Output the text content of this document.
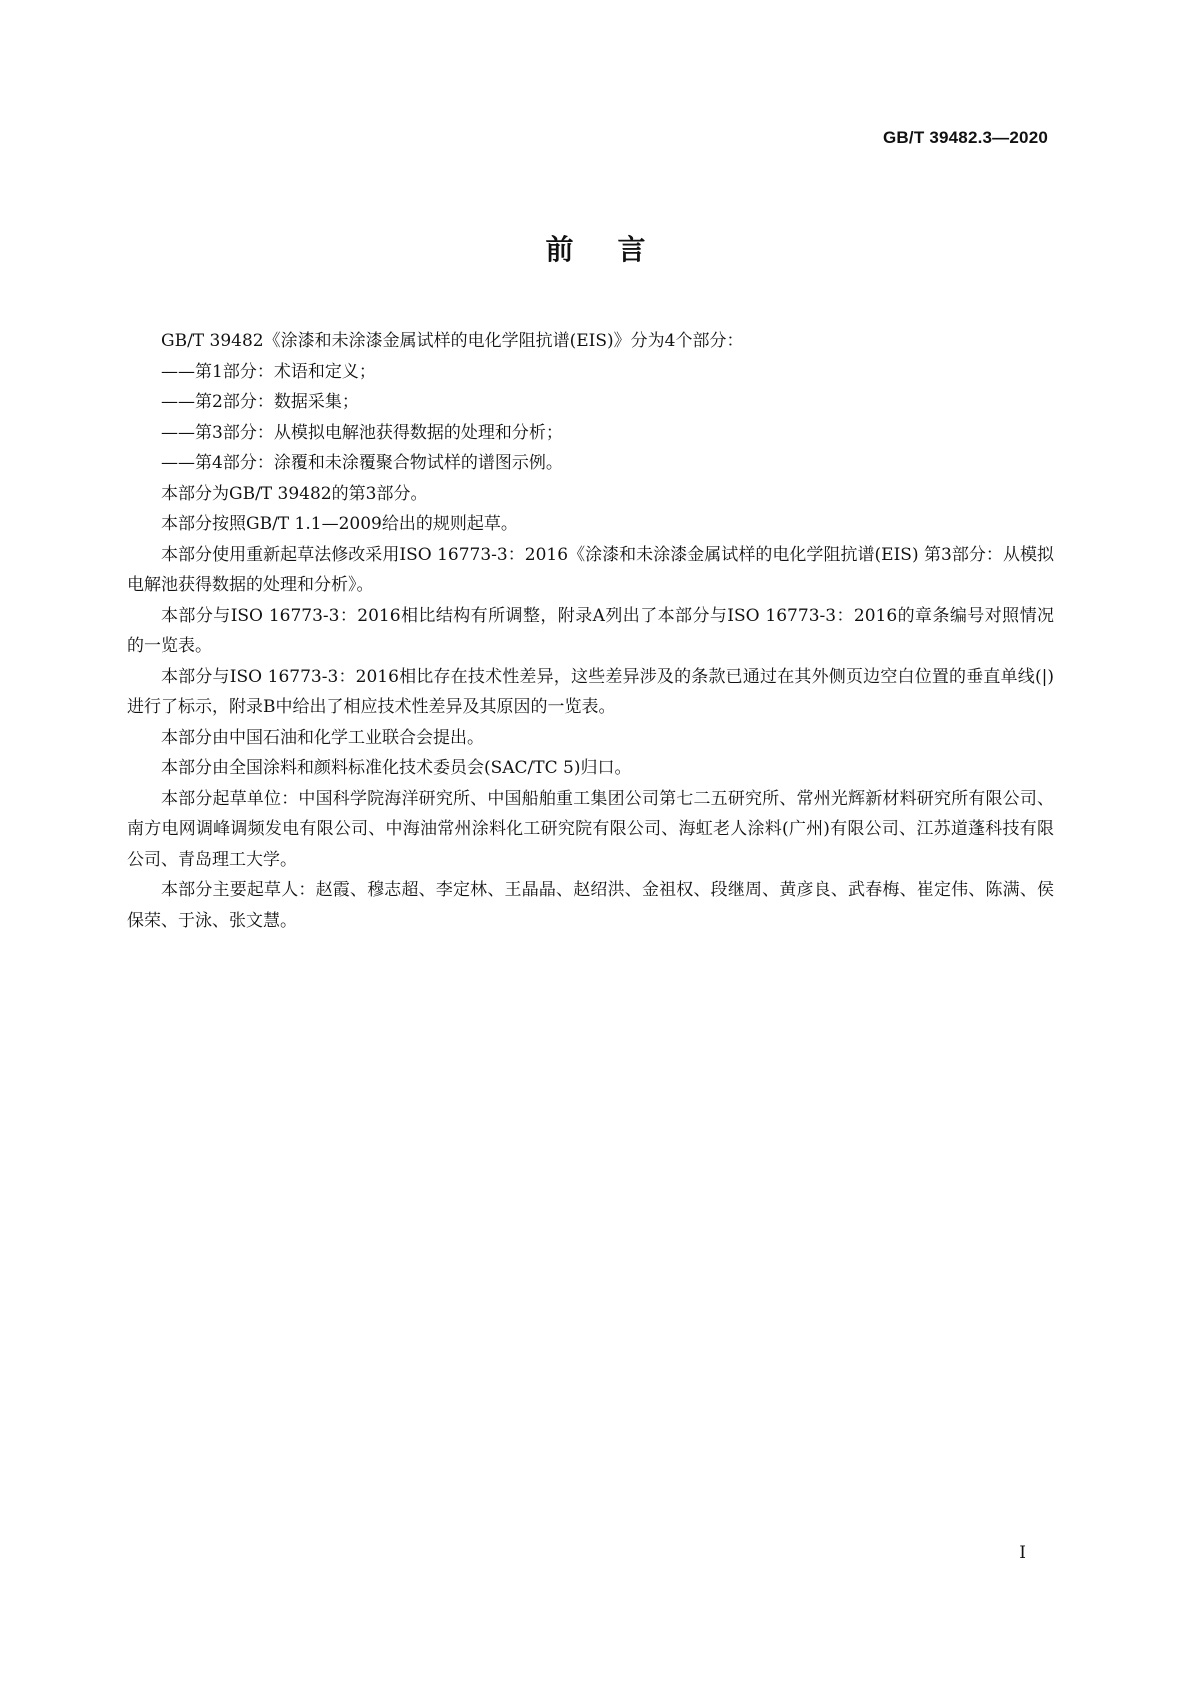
GB/T 39482.3—2020
前言

GB/T 39482《涂漆和未涂漆金属试样的电化学阻抗谱(EIS)》分为4个部分：

——第1部分：术语和定义；

——第2部分：数据采集；

——第3部分：从模拟电解池获得数据的处理和分析；

——第4部分：涂覆和未涂覆聚合物试样的谱图示例。

本部分为GB/T 39482的第3部分。

本部分按照GB/T 1.1—2009给出的规则起草。

本部分使用重新起草法修改采用ISO 16773-3：2016《涂漆和未涂漆金属试样的电化学阻抗谱(EIS) 第3部分：从模拟电解池获得数据的处理和分析》。

本部分与ISO 16773-3：2016相比结构有所调整，附录A列出了本部分与ISO 16773-3：2016的章条编号对照情况的一览表。

本部分与ISO 16773-3：2016相比存在技术性差异，这些差异涉及的条款已通过在其外侧页边空白位置的垂直单线(|)进行了标示，附录B中给出了相应技术性差异及其原因的一览表。

本部分由中国石油和化学工业联合会提出。

本部分由全国涂料和颜料标准化技术委员会(SAC/TC 5)归口。

本部分起草单位：中国科学院海洋研究所、中国船舶重工集团公司第七二五研究所、常州光辉新材料研究所有限公司、南方电网调峰调频发电有限公司、中海油常州涂料化工研究院有限公司、海虹老人涂料(广州)有限公司、江苏道蓬科技有限公司、青岛理工大学。

本部分主要起草人：赵霞、穆志超、李定林、王晶晶、赵绍洪、金祖权、段继周、黄彦良、武春梅、崔定伟、陈满、侯保荣、于泳、张文慧。

I
